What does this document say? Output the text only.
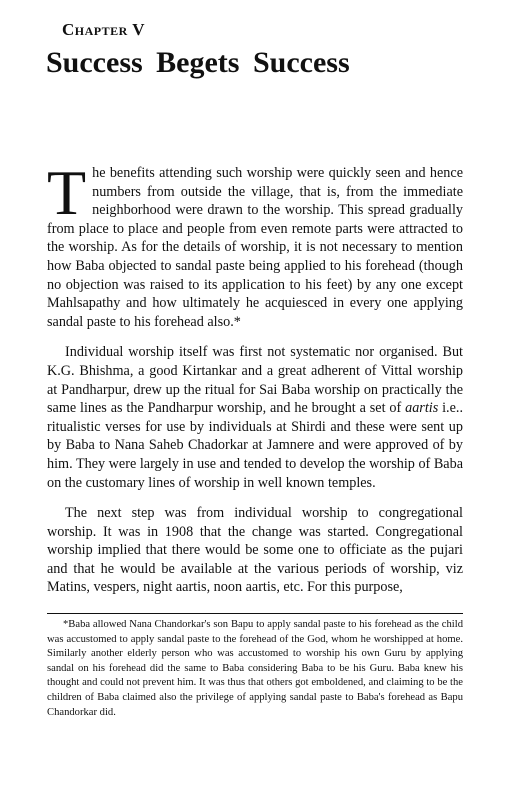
Chapter V
Success Begets Success

The benefits attending such worship were quickly seen and hence numbers from outside the village, that is, from the immediate neighborhood were drawn to the worship. This spread gradually from place to place and people from even remote parts were attracted to the worship. As for the details of worship, it is not necessary to mention how Baba objected to sandal paste being applied to his forehead (though no objection was raised to its application to his feet) by any one except Mahlsapathy and how ultimately he acquiesced in every one applying sandal paste to his forehead also.*

Individual worship itself was first not systematic nor organised. But K.G. Bhishma, a good Kirtankar and a great adherent of Vittal worship at Pandharpur, drew up the ritual for Sai Baba worship on practically the same lines as the Pandharpur worship, and he brought a set of aartis i.e.. ritualistic verses for use by individuals at Shirdi and these were sent up by Baba to Nana Saheb Chadorkar at Jamnere and were approved of by him. They were largely in use and tended to develop the worship of Baba on the customary lines of worship in well known temples.

The next step was from individual worship to congregational worship. It was in 1908 that the change was started. Congregational worship implied that there would be some one to officiate as the pujari and that he would be available at the various periods of worship, viz Matins, vespers, night aartis, noon aartis, etc. For this purpose,

*Baba allowed Nana Chandorkar's son Bapu to apply sandal paste to his forehead as the child was accustomed to apply sandal paste to the forehead of the God, whom he worshipped at home. Similarly another elderly person who was accustomed to worship his own Guru by applying sandal on his forehead did the same to Baba considering Baba to be his Guru. Baba knew his thought and could not prevent him. It was thus that others got emboldened, and claiming to be the children of Baba claimed also the privilege of applying sandal paste to Baba's forehead as Bapu Chandorkar did.
